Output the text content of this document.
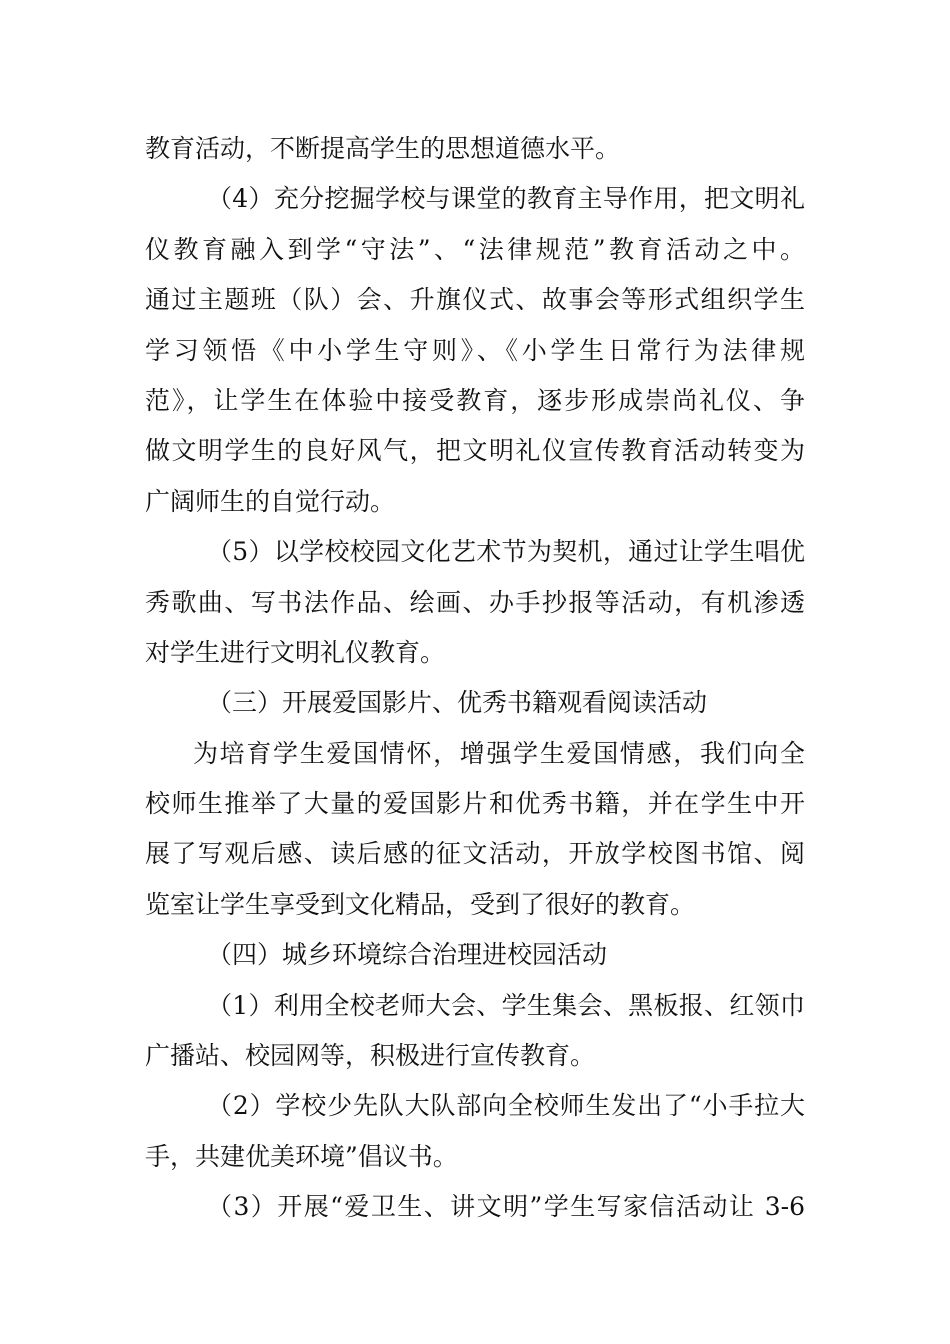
教育活动，不断提高学生的思想道德水平。
（4）充分挖掘学校与课堂的教育主导作用，把文明礼
仪教育融入到学“守法”、“法律规范”教育活动之中。
通过主题班（队）会、升旗仪式、故事会等形式组织学生
学习领悟《中小学生守则》、《小学生日常行为法律规
范》，让学生在体验中接受教育，逐步形成崇尚礼仪、争
做文明学生的良好风气，把文明礼仪宣传教育活动转变为
广阔师生的自觉行动。
（5）以学校校园文化艺术节为契机，通过让学生唱优
秀歌曲、写书法作品、绘画、办手抄报等活动，有机渗透
对学生进行文明礼仪教育。
（三）开展爱国影片、优秀书籍观看阅读活动
为培育学生爱国情怀，增强学生爱国情感，我们向全
校师生推举了大量的爱国影片和优秀书籍，并在学生中开
展了写观后感、读后感的征文活动，开放学校图书馆、阅
览室让学生享受到文化精品，受到了很好的教育。
（四）城乡环境综合治理进校园活动
（1）利用全校老师大会、学生集会、黑板报、红领巾
广播站、校园网等，积极进行宣传教育。
（2）学校少先队大队部向全校师生发出了“小手拉大
手，共建优美环境”倡议书。
（3）开展“爱卫生、讲文明”学生写家信活动让 3-6
